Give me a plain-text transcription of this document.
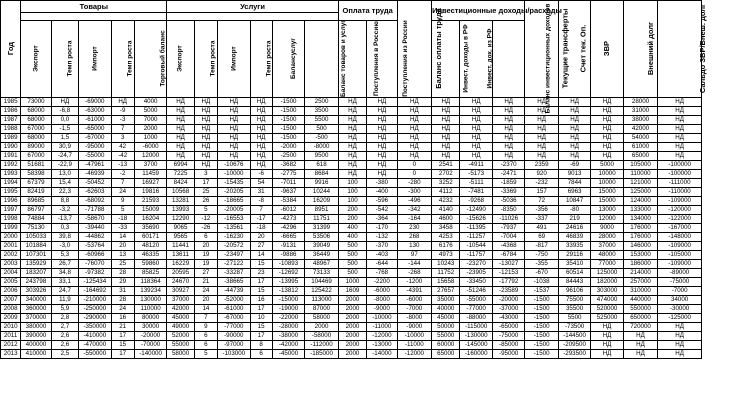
Год	Товары					Услуги						Оплата труда		Баланс оплаты труда	Инвестиционные доходы/расходы			Текущие трансферты	Счет тек. Оп.	ЗВР	Внешний долг	Сальдо ЗВР/Внеш. долг

	Экспорт	Темп роста	Импорт	Темп роста	Торговый баланс	Экспорт	Темп роста	Импорт	Темп роста	Балансуслуг	Баланс товаров и услуг	Поступления в Россию	Поступления из России		Инвест. доходы в РФ	Инвест. дох. из РФ	Баланс инвестиционных доходов					
1985	73000	НД	-69000	НД	4000	НД	НД	НД	НД	-1500	2500	НД	НД	НД	НД	НД	НД	НД	НД	НД	28000	НД
1986	68000	-6,8	-63000	-9	5000	НД	НД	НД	НД	-1500	3500	НД	НД	НД	НД	НД	НД	НД	НД	НД	31000	НД
1987	68000	0,0	-61000	-3	7000	НД	НД	НД	НД	-1500	5500	НД	НД	НД	НД	НД	НД	НД	НД	НД	38000	НД
1988	67000	-1,5	-65000	7	2000	НД	НД	НД	НД	-1500	500	НД	НД	НД	НД	НД	НД	НД	НД	НД	42000	НД
1989	68000	1,5	-67000	3	1000	НД	НД	НД	НД	-1500	-500	НД	НД	НД	НД	НД	НД	НД	НД	НД	54000	НД
1990	89000	30,9	-95000	42	-6000	НД	НД	НД	НД	-2000	-8000	НД	НД	НД	НД	НД	НД	НД	НД	НД	61000	НД
1991	67000	-24,7	-55000	-42	12000	НД	НД	НД	НД	-2500	9500	НД	НД	НД	НД	НД	НД	НД	НД	НД	65000	НД
1992	51681	-22,9	-47961	-13	3700	6994	НД	-10676	НД	-3682	618	НД	НД	0	2541	-4911	-2370	2359	-69	5000	105000	-100000
1993	58398	13,0	-46939	-2	11459	7225	3	-10000	-6	-2775	8684	НД	НД	0	2702	-5173	-2471	920	9013	10000	110000	-100000
1994	67379	15,4	-50452	7	16927	8424	17	-15435	54	-7011	9916	100	-380	-280	3252	-5111	-1859	-232	7844	10000	121000	-111000
1995	82419	22,3	-62603	24	19816	10568	25	-20205	31	-9637	10244	100	-400	-300	4112	-7481	-3369	157	6963	15000	125000	-110000
1996	89685	8,8	-68092	9	21593	13281	26	-18665	-8	-5384	16209	100	-596	-496	4232	-9268	-5036	72	10847	15000	124000	-109000
1997	86797	-3,2	-71788	5	15009	13993	5	-20005	7	-6012	8951	200	-542	-342	4140	-12490	-8350	-356	-80	13000	133000	-120000
1998	74884	-13,7	-58670	-18	16204	12290	-12	-16553	-17	-4273	11751	200	-364	-164	4600	-15626	-11026	-337	219	12000	134000	-122000
1999	75130	0,3	-39440	-33	35690	9065	-26	-13561	-18	-4296	31399	400	-170	230	3458	-11395	-7937	491	24616	9000	176000	-167000
2000	105033	39,8	-44862	14	60171	9565	6	-16230	20	-6665	53506	400	-132	268	4253	-11257	-7004	69	46839	28000	176000	-148000
2001	101884	-3,0	-53764	20	48120	11441	20	-20572	27	-9131	39049	500	-370	130	6176	-10544	-4368	-817	33935	37000	146000	-109000
2002	107301	5,3	-60966	13	46335	13611	19	-23497	14	-9886	36449	500	-403	97	4973	-11757	-6784	-750	29116	48000	153000	-105000
2003	135929	26,7	-76070	25	59860	16229	19	-27122	15	-10893	48967	500	-644	-144	10243	-23270	-13027	-355	35410	77000	186000	-109000
2004	183207	34,8	-97382	28	85825	20595	27	-33287	23	-12692	73133	500	-768	-268	11752	-23905	-12153	-670	60514	125000	214000	-89000
2005	243798	33,1	-125434	29	118364	24670	21	-38665	17	-13995	104469	1000	-2200	-1200	15658	-33450	-17792	-1038	84443	182000	257000	-75000
2006	303926	24,7	-164692	31	139234	30927	24	-44739	15	-13812	125422	1609	-6000	-4391	27657	-51246	-23589	-1537	96106	303000	310000	-7000
2007	340000	11,9	-210000	28	130000	37000	20	-52000	16	-15000	113000	2000	-8000	-6000	35000	-55000	-20000	-1500	75500	474000	440000	34000
2008	360000	5,9	-250000	24	110000	42000	14	-61000	17	-19000	87000	2000	-9000	-7000	40000	-77000	-37000	-1500	35500	520000	550000	-30000
2009	370000	2,8	-290000	16	80000	45000	7	-67000	10	-22000	58000	2000	-10000	-8000	45000	-88000	-43000	-1500	5500	525000	650000	-125000
2010	380000	2,7	-350000	21	30000	49000	9	-77000	15	-28000	2000	2000	-11000	-9000	50000	-115000	-65000	-1500	-73500	НД	720000	НД
2011	390000	2,6	-410000	17	-20000	52000	6	-90000	17	-38000	-58000	2000	-12000	-10000	55000	-130000	-75000	-1500	-144500	НД	НД	НД
2012	400000	2,6	-470000	15	-70000	55000	6	-97000	8	-42000	-112000	2000	-13000	-11000	60000	-145000	-85000	-1500	-209500	НД	НД	НД
2013	410000	2,5	-550000	17	-140000	58000	5	-103000	6	-45000	-185000	2000	-14000	-12000	65000	-160000	-95000	-1500	-293500	НД	НД	НД
